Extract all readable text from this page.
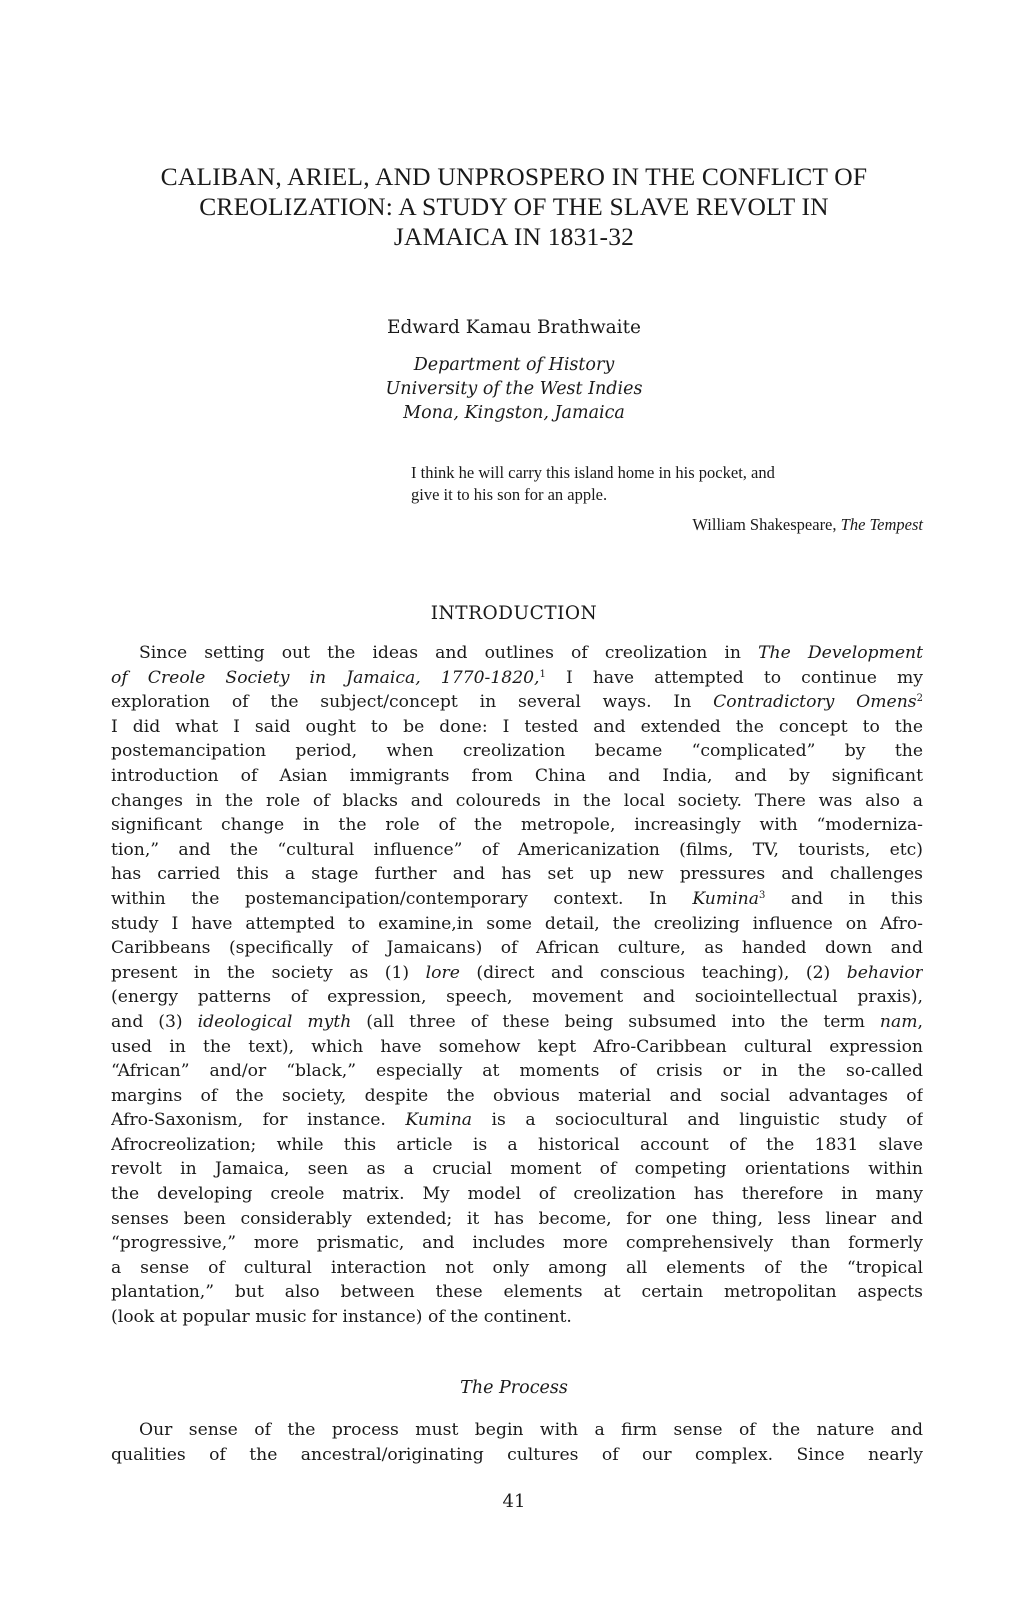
CALIBAN, ARIEL, AND UNPROSPERO IN THE CONFLICT OF
CREOLIZATION: A STUDY OF THE SLAVE REVOLT IN
JAMAICA IN 1831-32
Edward Kamau Brathwaite
Department of History
University of the West Indies
Mona, Kingston, Jamaica
I think he will carry this island home in his pocket, and
give it to his son for an apple.
William Shakespeare, The Tempest
INTRODUCTION
Since setting out the ideas and outlines of creolization in The Development
of Creole Society in Jamaica, 1770-1820,$^1$ I have attempted to continue my
exploration of the subject/concept in several ways. In Contradictory Omens$^2$
I did what I said ought to be done: I tested and extended the concept to the
postemancipation period, when creolization became “complicated” by the
introduction of Asian immigrants from China and India, and by significant
changes in the role of blacks and coloureds in the local society. There was also a
significant change in the role of the metropole, increasingly with “moderniza-
tion,” and the “cultural influence” of Americanization (films, TV, tourists, etc)
has carried this a stage further and has set up new pressures and challenges
within the postemancipation/contemporary context. In Kumina$^3$ and in this
study I have attempted to examine,in some detail, the creolizing influence on Afro-
Caribbeans (specifically of Jamaicans) of African culture, as handed down and
present in the society as (1) lore (direct and conscious teaching), (2) behavior
(energy patterns of expression, speech, movement and sociointellectual praxis),
and (3) ideological myth (all three of these being subsumed into the term nam,
used in the text), which have somehow kept Afro-Caribbean cultural expression
“African” and/or “black,” especially at moments of crisis or in the so-called
margins of the society, despite the obvious material and social advantages of
Afro-Saxonism, for instance. Kumina is a sociocultural and linguistic study of
Afrocreolization; while this article is a historical account of the 1831 slave
revolt in Jamaica, seen as a crucial moment of competing orientations within
the developing creole matrix. My model of creolization has therefore in many
senses been considerably extended; it has become, for one thing, less linear and
“progressive,” more prismatic, and includes more comprehensively than formerly
a sense of cultural interaction not only among all elements of the “tropical
plantation,” but also between these elements at certain metropolitan aspects
(look at popular music for instance) of the continent.
The Process
Our sense of the process must begin with a firm sense of the nature and
qualities of the ancestral/originating cultures of our complex. Since nearly
41
